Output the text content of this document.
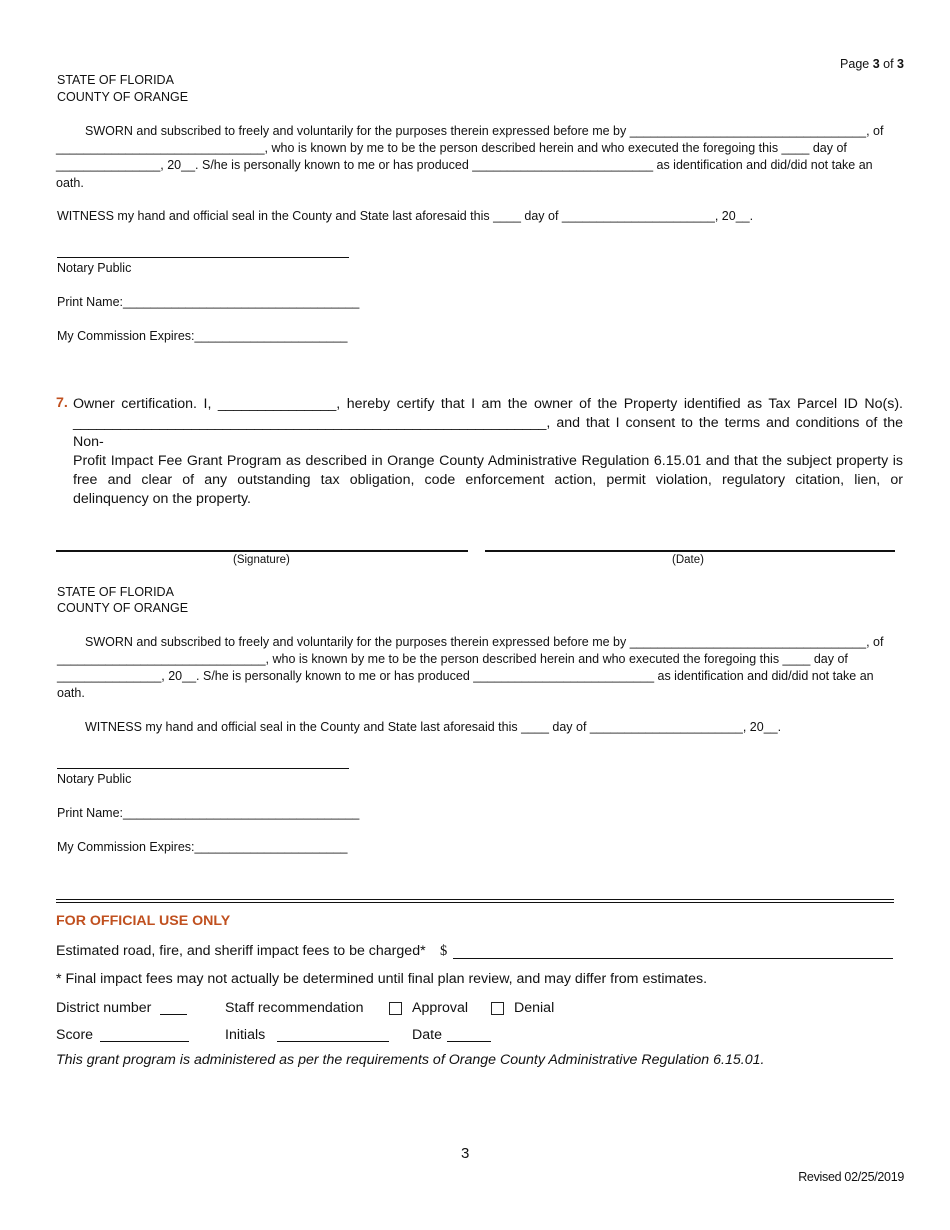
Page 3 of 3
STATE OF FLORIDA
COUNTY OF ORANGE
SWORN and subscribed to freely and voluntarily for the purposes therein expressed before me by __________________________________, of
______________________________, who is known by me to be the person described herein and who executed the foregoing this ____ day of
_______________, 20__. S/he is personally known to me or has produced __________________________ as identification and did/did not take an
oath.
WITNESS my hand and official seal in the County and State last aforesaid this ____ day of ______________________, 20__.
Notary Public
Print Name:__________________________________
My Commission Expires:______________________
7. Owner certification. I, _______________, hereby certify that I am the owner of the Property identified as Tax Parcel ID No(s).
____________________________________________________________, and that I consent to the terms and conditions of the Non-
Profit Impact Fee Grant Program as described in Orange County Administrative Regulation 6.15.01 and that the subject property is
free and clear of any outstanding tax obligation, code enforcement action, permit violation, regulatory citation, lien, or
delinquency on the property.
(Signature)	(Date)
STATE OF FLORIDA
COUNTY OF ORANGE
SWORN and subscribed to freely and voluntarily for the purposes therein expressed before me by __________________________________, of
______________________________, who is known by me to be the person described herein and who executed the foregoing this ____ day of
_______________, 20__. S/he is personally known to me or has produced __________________________ as identification and did/did not take an
oath.
WITNESS my hand and official seal in the County and State last aforesaid this ____ day of ______________________, 20__.
Notary Public
Print Name:__________________________________
My Commission Expires:______________________
FOR OFFICIAL USE ONLY
Estimated road, fire, and sheriff impact fees to be charged* $
* Final impact fees may not actually be determined until final plan review, and may differ from estimates.
District number	Staff recommendation	Approval	Denial
Score	Initials	Date
This grant program is administered as per the requirements of Orange County Administrative Regulation 6.15.01.
3
Revised 02/25/2019
